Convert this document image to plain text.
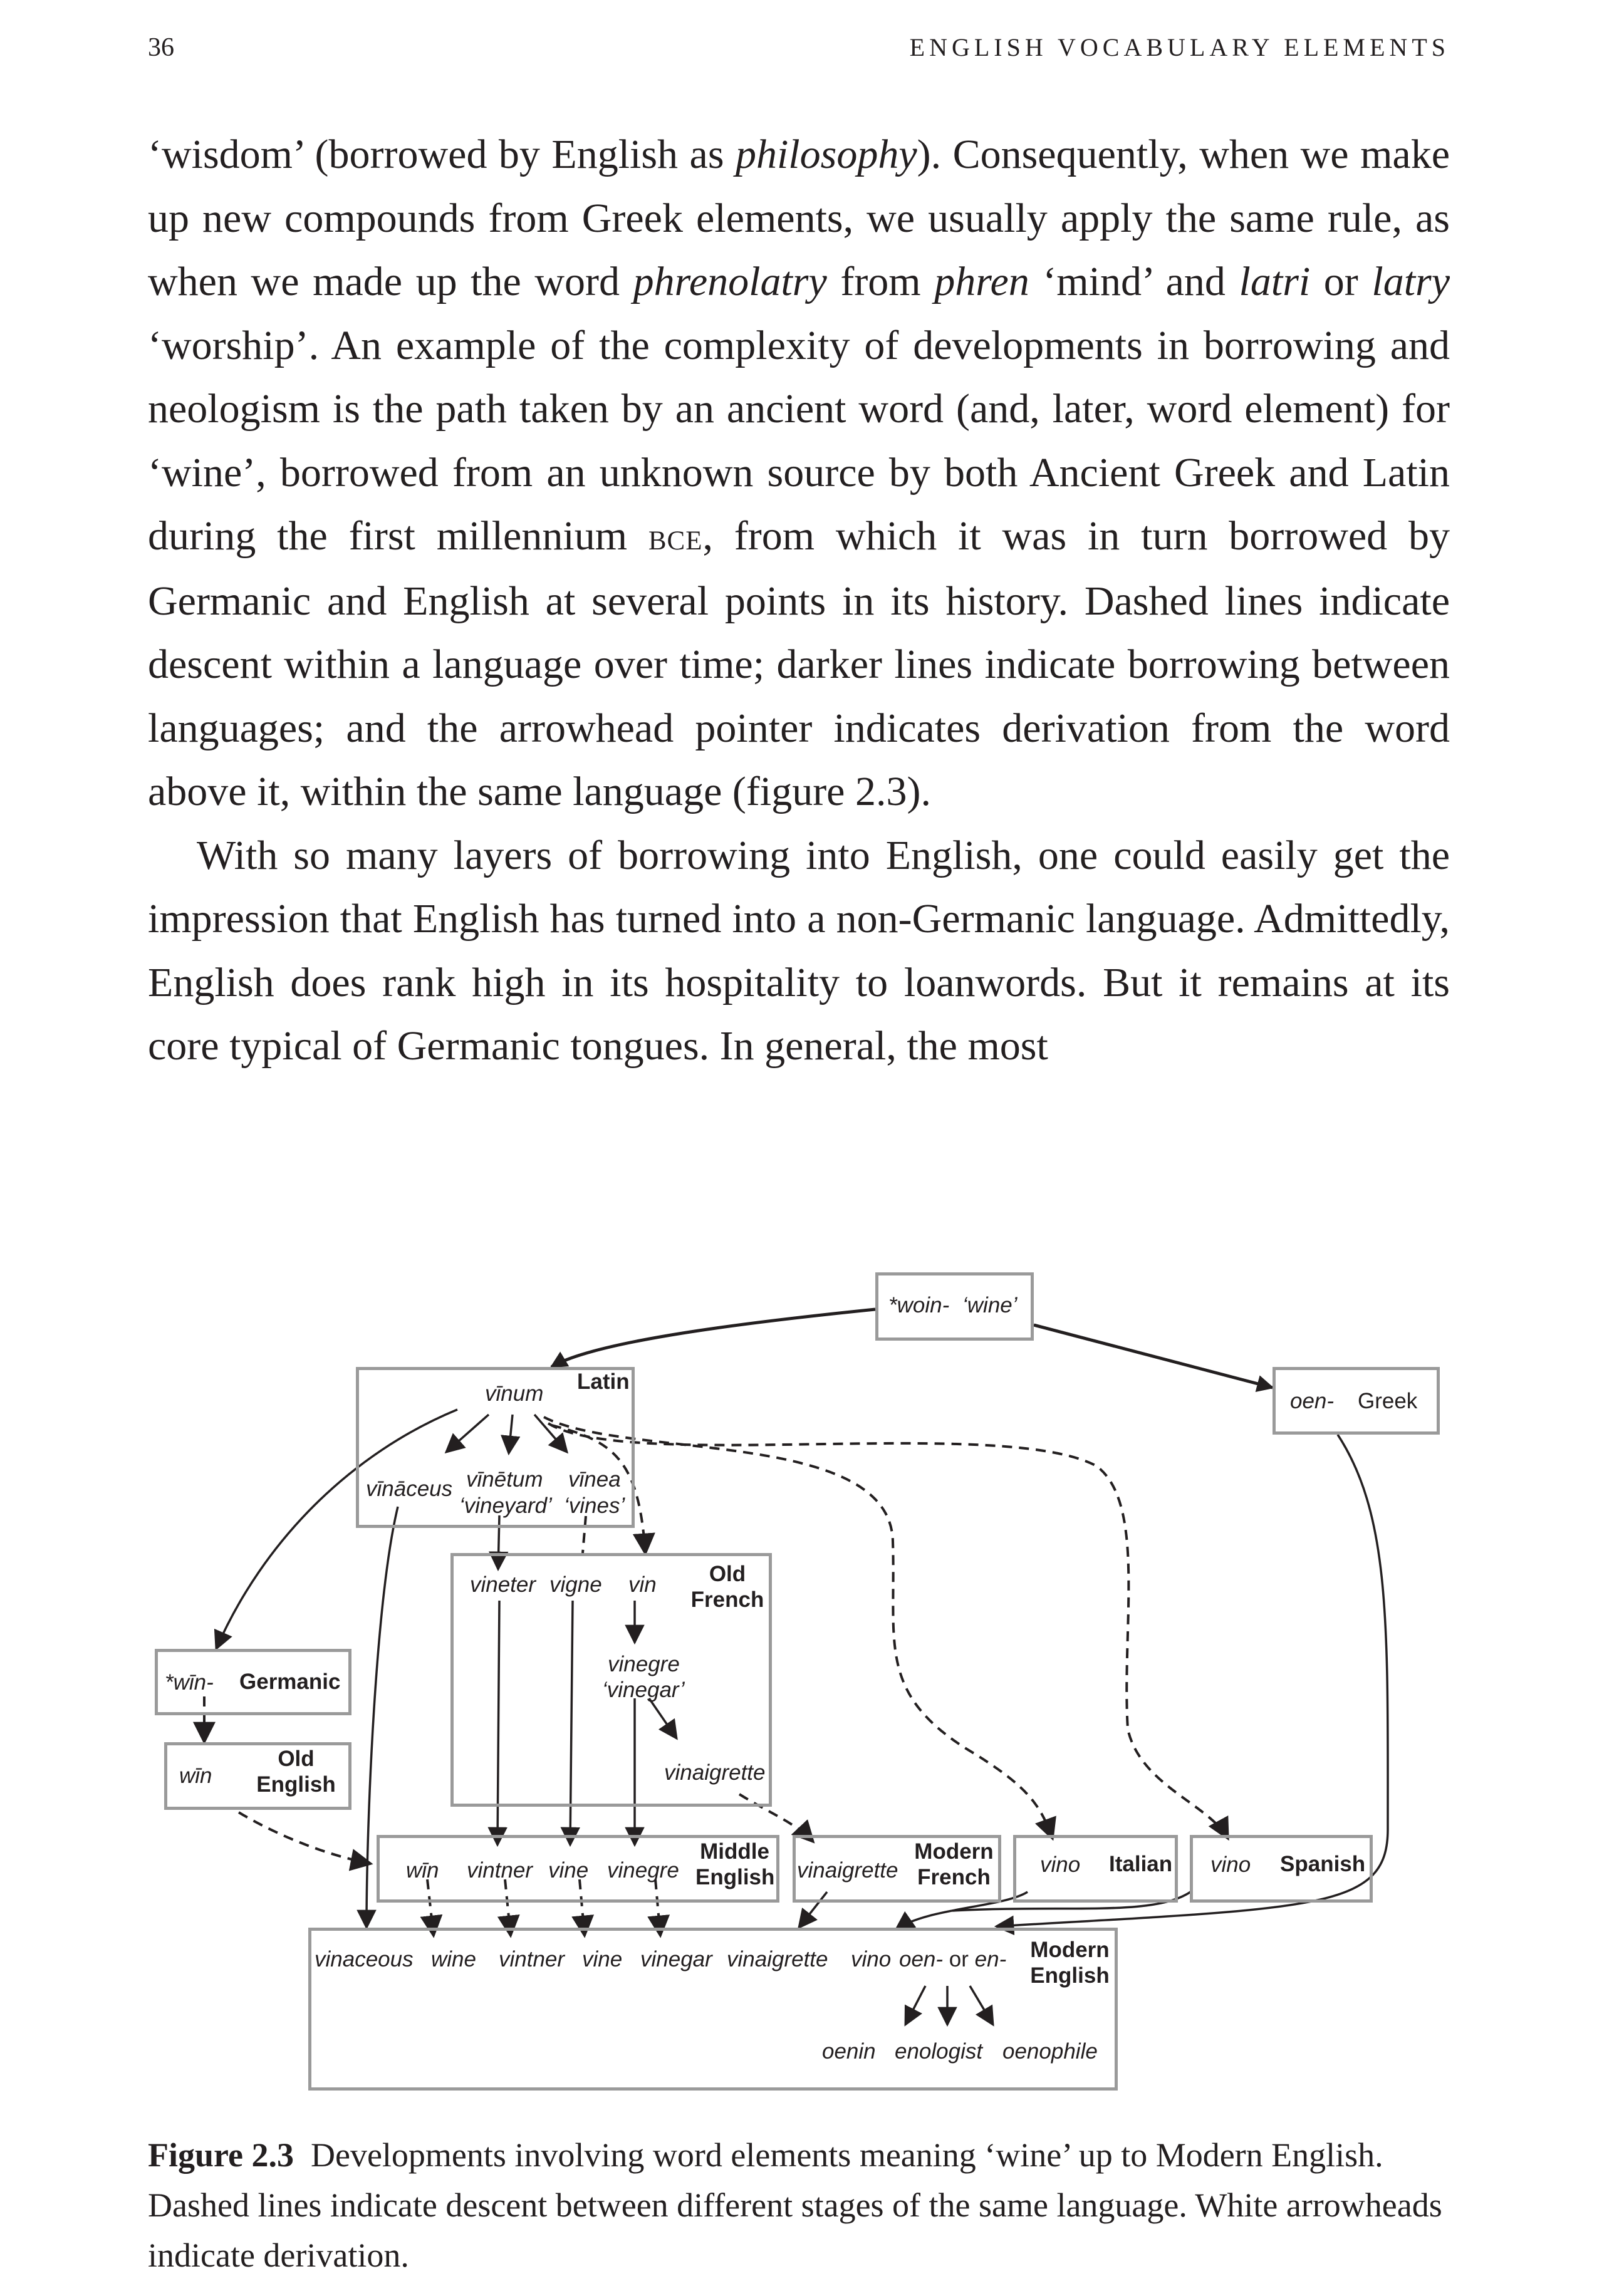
36	ENGLISH VOCABULARY ELEMENTS

‘wisdom’ (borrowed by English as philosophy). Consequently, when we make up new compounds from Greek elements, we usually apply the same rule, as when we made up the word phrenolatry from phren ‘mind’ and latri or latry ‘worship’. An example of the complexity of developments in borrowing and neologism is the path taken by an ancient word (and, later, word element) for ‘wine’, borrowed from an unknown source by both Ancient Greek and Latin during the first millennium bce, from which it was in turn borrowed by Germanic and English at several points in its history. Dashed lines indicate descent within a language over time; darker lines indicate borrowing between languages; and the arrowhead pointer indicates derivation from the word above it, within the same language (figure 2.3).

With so many layers of borrowing into English, one could easily get the impression that English has turned into a non-Germanic language. Admittedly, English does rank high in its hospitality to loanwords. But it remains at its core typical of Germanic tongues. In general, the most

*woin- ‘wine’
oen- Greek
Latin
vīnum
vīnāceus vīnētum
‘vineyard’
vīnea
‘vines’
Old
French
vineter vigne vin
vinegre
‘vinegar’
vinaigrette
*wīn- Germanic
wīn
Old
English
wīn vintner vine vinegre
Middle
English vinaigrette
Modern
French
vino Italian vino Spanish
vinaceous wine vintner vine vinegar vinaigrette vino oen- or en- Modern
English
oenin enologist oenophile
Figure 2.3 Developments involving word elements meaning ‘wine’ up to Modern English. Dashed lines indicate descent between different stages of the same language. White arrowheads indicate derivation.
